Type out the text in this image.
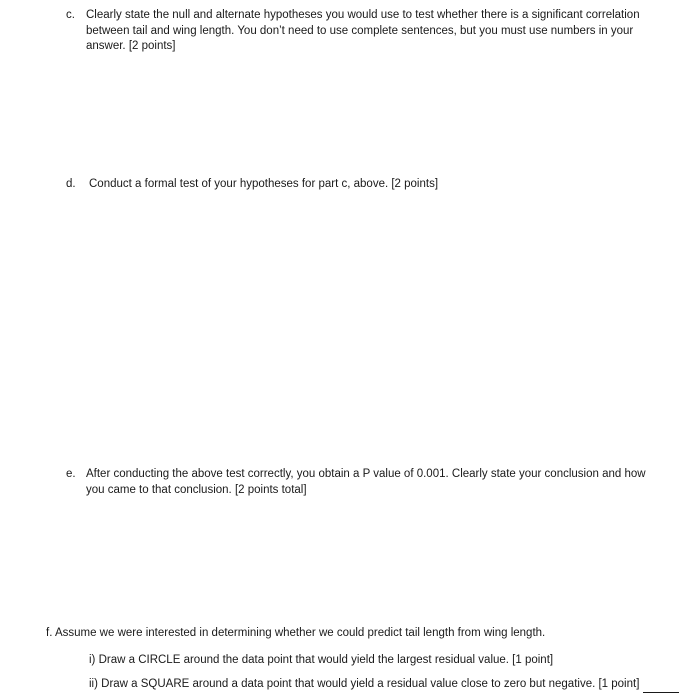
c. Clearly state the null and alternate hypotheses you would use to test whether there is a significant correlation between tail and wing length. You don’t need to use complete sentences, but you must use numbers in your answer. [2 points]
d. Conduct a formal test of your hypotheses for part c, above. [2 points]
e. After conducting the above test correctly, you obtain a P value of 0.001. Clearly state your conclusion and how you came to that conclusion. [2 points total]
f. Assume we were interested in determining whether we could predict tail length from wing length.
i) Draw a CIRCLE around the data point that would yield the largest residual value. [1 point]
ii) Draw a SQUARE around a data point that would yield a residual value close to zero but negative. [1 point]
